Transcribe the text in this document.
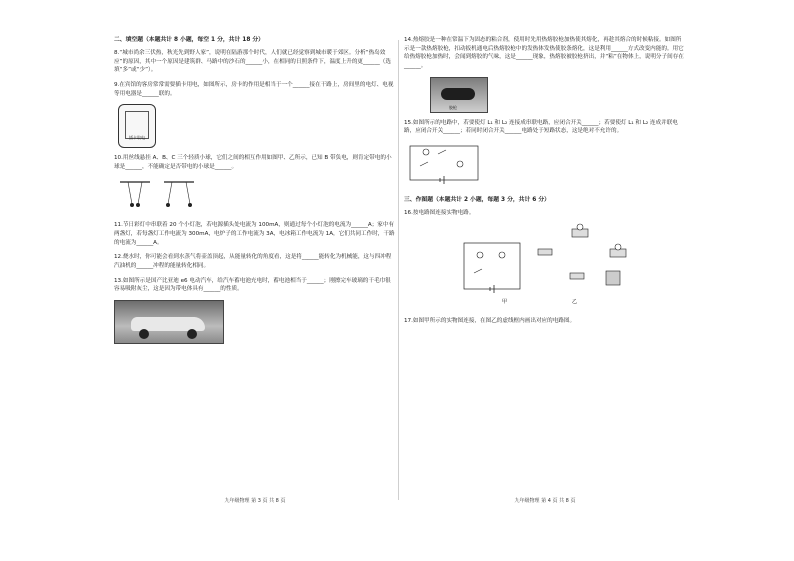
二、填空题（本题共计 8 小题，每空 1 分，共计 18 分）
8.“城市尚余三伏热，秋光先到野人家”，说明在陆游那个时代，人们就已经觉察到城市暖于郊区。分析“热岛效应”的原因，其中一个原因是建筑群、马路中的沙石的______小，在相同的日照条件下，温度上升的更______（选填“多”或“少”）。
9.在宾馆的客房常常需要插卡用电，如图所示，房卡的作用是相当于一个______接在干路上，房间里的电灯、电视等用电器是______联的。
插卡取电
10.用丝线悬挂 A、B、C 三个轻质小球，它们之间的相互作用如图甲、乙所示，已知 B 带负电，则肯定带电的小球是______，不能确定是否带电的小球是______。
11.节日彩灯中串联着 20 个小灯泡，若电源插头处电流为 100mA，则通过每个小灯泡的电流为______A；家中有两盏灯，若每盏灯工作电流为 300mA，电炉子的工作电流为 3A，电冰箱工作电流为 1A，它们共同工作时，干路的电流为______A。
12.烧水时，你可能会看到水蒸气将壶盖顶起，从能量转化的角度看，这是将______能转化为机械能，这与四冲程汽油机的______冲程的能量转化相同。
13.如图所示是国产比亚迪 e6 电动汽车，给汽车蓄电池充电时，蓄电池相当于______；刚擦完车玻璃的干毛巾很容易吸附灰尘，这是因为带电体具有______的性质。
九年级物理 第 3 页 共 8 页
14.热熔胶是一种在常温下为固态的粘合剂，使用时先用热熔胶枪加热使其熔化，再趁其熔合的时候粘接。如图所示是一款热熔胶枪，扣动扳机通电后热熔胶枪中的发热体发热使胶条熔化，这是利用______方式改变内能的。用它给热熔胶枪加热时，会闻到熔胶的气味，这是______现象，热熔胶被胶枪挤出，并“粘”在物体上，说明分子间存在______。
胶枪
15.如图所示的电路中，若要使灯 L₁ 和 L₂ 连接成串联电路，应闭合开关______；若要使灯 L₁ 和 L₂ 连成并联电路，应闭合开关______；若同时闭合开关______电路处于短路状态，这是绝对不允许的。
三、作图题（本题共计 2 小题，每题 3 分，共计 6 分）
16.按电路图连接实物电路。
甲	乙
17.如图甲所示的实物图连接，在图乙的虚线框内画出对应的电路图。
九年级物理 第 4 页 共 8 页
